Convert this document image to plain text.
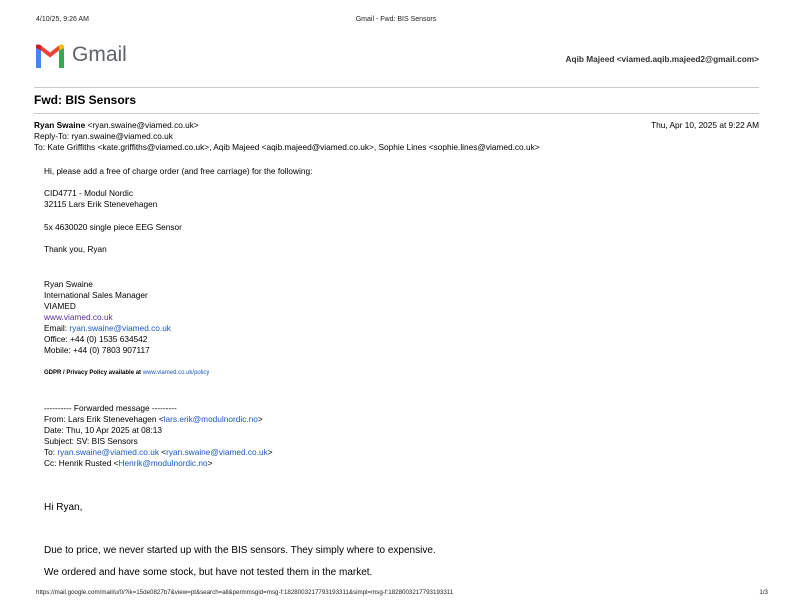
4/10/25, 9:26 AM	Gmail - Fwd: BIS Sensors
Gmail	Aqib Majeed <viamed.aqib.majeed2@gmail.com>
Fwd: BIS Sensors
Ryan Swaine <ryan.swaine@viamed.co.uk>	Thu, Apr 10, 2025 at 9:22 AM
Reply-To: ryan.swaine@viamed.co.uk
To: Kate Griffiths <kate.griffiths@viamed.co.uk>, Aqib Majeed <aqib.majeed@viamed.co.uk>, Sophie Lines <sophie.lines@viamed.co.uk>
Hi, please add a free of charge order (and free carriage) for the following:
CID4771 - Modul Nordic
32115 Lars Erik Stenevehagen
5x 4630020 single piece EEG Sensor
Thank you, Ryan
Ryan Swaine
International Sales Manager
VIAMED
www.viamed.co.uk
Email: ryan.swaine@viamed.co.uk
Office: +44 (0) 1535 634542
Mobile: +44 (0) 7803 907117
GDPR / Privacy Policy available at www.viamed.co.uk/policy
---------- Forwarded message ---------
From: Lars Erik Stenevehagen <lars.erik@modulnordic.no>
Date: Thu, 10 Apr 2025 at 08:13
Subject: SV: BIS Sensors
To: ryan.swaine@viamed.co.uk <ryan.swaine@viamed.co.uk>
Cc: Henrik Rusted <Henrik@modulnordic.no>
Hi Ryan,
Due to price, we never started up with the BIS sensors. They simply where to expensive.
We ordered and have some stock, but have not tested them in the market.
https://mail.google.com/mail/u/0/?ik=15de0827b7&view=pt&search=all&permmsgid=msg-f:1828003217793193311&simpl=msg-f:1828003217793193311	1/3
